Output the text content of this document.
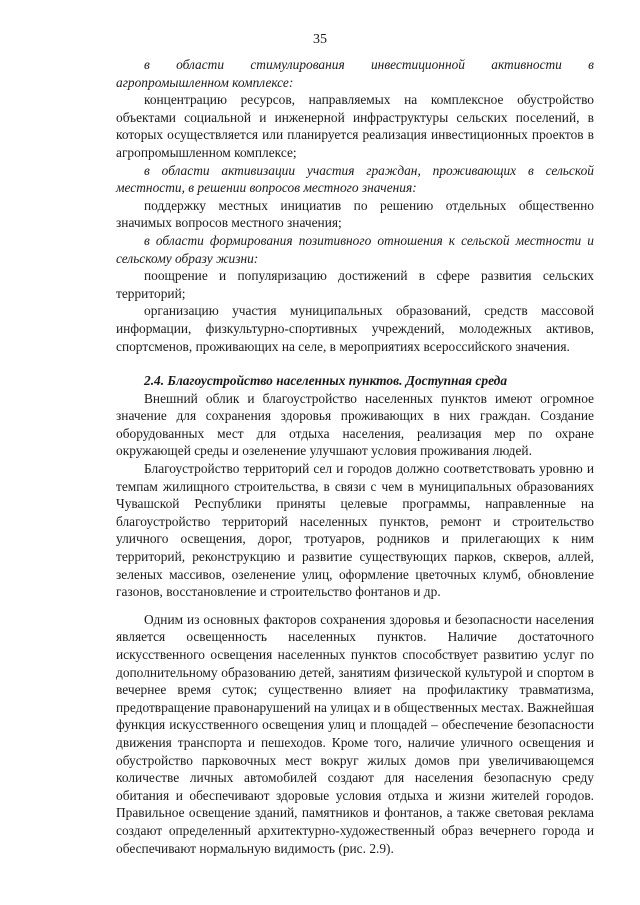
35

в области стимулирования инвестиционной активности в агропромышленном комплексе:

концентрацию ресурсов, направляемых на комплексное обустройство объектами социальной и инженерной инфраструктуры сельских поселений, в которых осуществляется или планируется реализация инвестиционных проектов в агропромышленном комплексе;

в области активизации участия граждан, проживающих в сельской местности, в решении вопросов местного значения:

поддержку местных инициатив по решению отдельных общественно значимых вопросов местного значения;

в области формирования позитивного отношения к сельской местности и сельскому образу жизни:

поощрение и популяризацию достижений в сфере развития сельских территорий;

организацию участия муниципальных образований, средств массовой информации, физкультурно-спортивных учреждений, молодежных активов, спортсменов, проживающих на селе, в мероприятиях всероссийского значения.

2.4. Благоустройство населенных пунктов. Доступная среда

Внешний облик и благоустройство населенных пунктов имеют огромное значение для сохранения здоровья проживающих в них граждан. Создание оборудованных мест для отдыха населения, реализация мер по охране окружающей среды и озеленение улучшают условия проживания людей.

Благоустройство территорий сел и городов должно соответствовать уровню и темпам жилищного строительства, в связи с чем в муниципальных образованиях Чувашской Республики приняты целевые программы, направленные на благоустройство территорий населенных пунктов, ремонт и строительство уличного освещения, дорог, тротуаров, родников и прилегающих к ним территорий, реконструкцию и развитие существующих парков, скверов, аллей, зеленых массивов, озеленение улиц, оформление цветочных клумб, обновление газонов, восстановление и строительство фонтанов и др.

Одним из основных факторов сохранения здоровья и безопасности населения является освещенность населенных пунктов. Наличие достаточного искусственного освещения населенных пунктов способствует развитию услуг по дополнительному образованию детей, занятиям физической культурой и спортом в вечернее время суток; существенно влияет на профилактику травматизма, предотвращение правонарушений на улицах и в общественных местах. Важнейшая функция искусственного освещения улиц и площадей – обеспечение безопасности движения транспорта и пешеходов. Кроме того, наличие уличного освещения и обустройство парковочных мест вокруг жилых домов при увеличивающемся количестве личных автомобилей создают для населения безопасную среду обитания и обеспечивают здоровые условия отдыха и жизни жителей городов. Правильное освещение зданий, памятников и фонтанов, а также световая реклама создают определенный архитектурно-художественный образ вечернего города и обеспечивают нормальную видимость (рис. 2.9).
